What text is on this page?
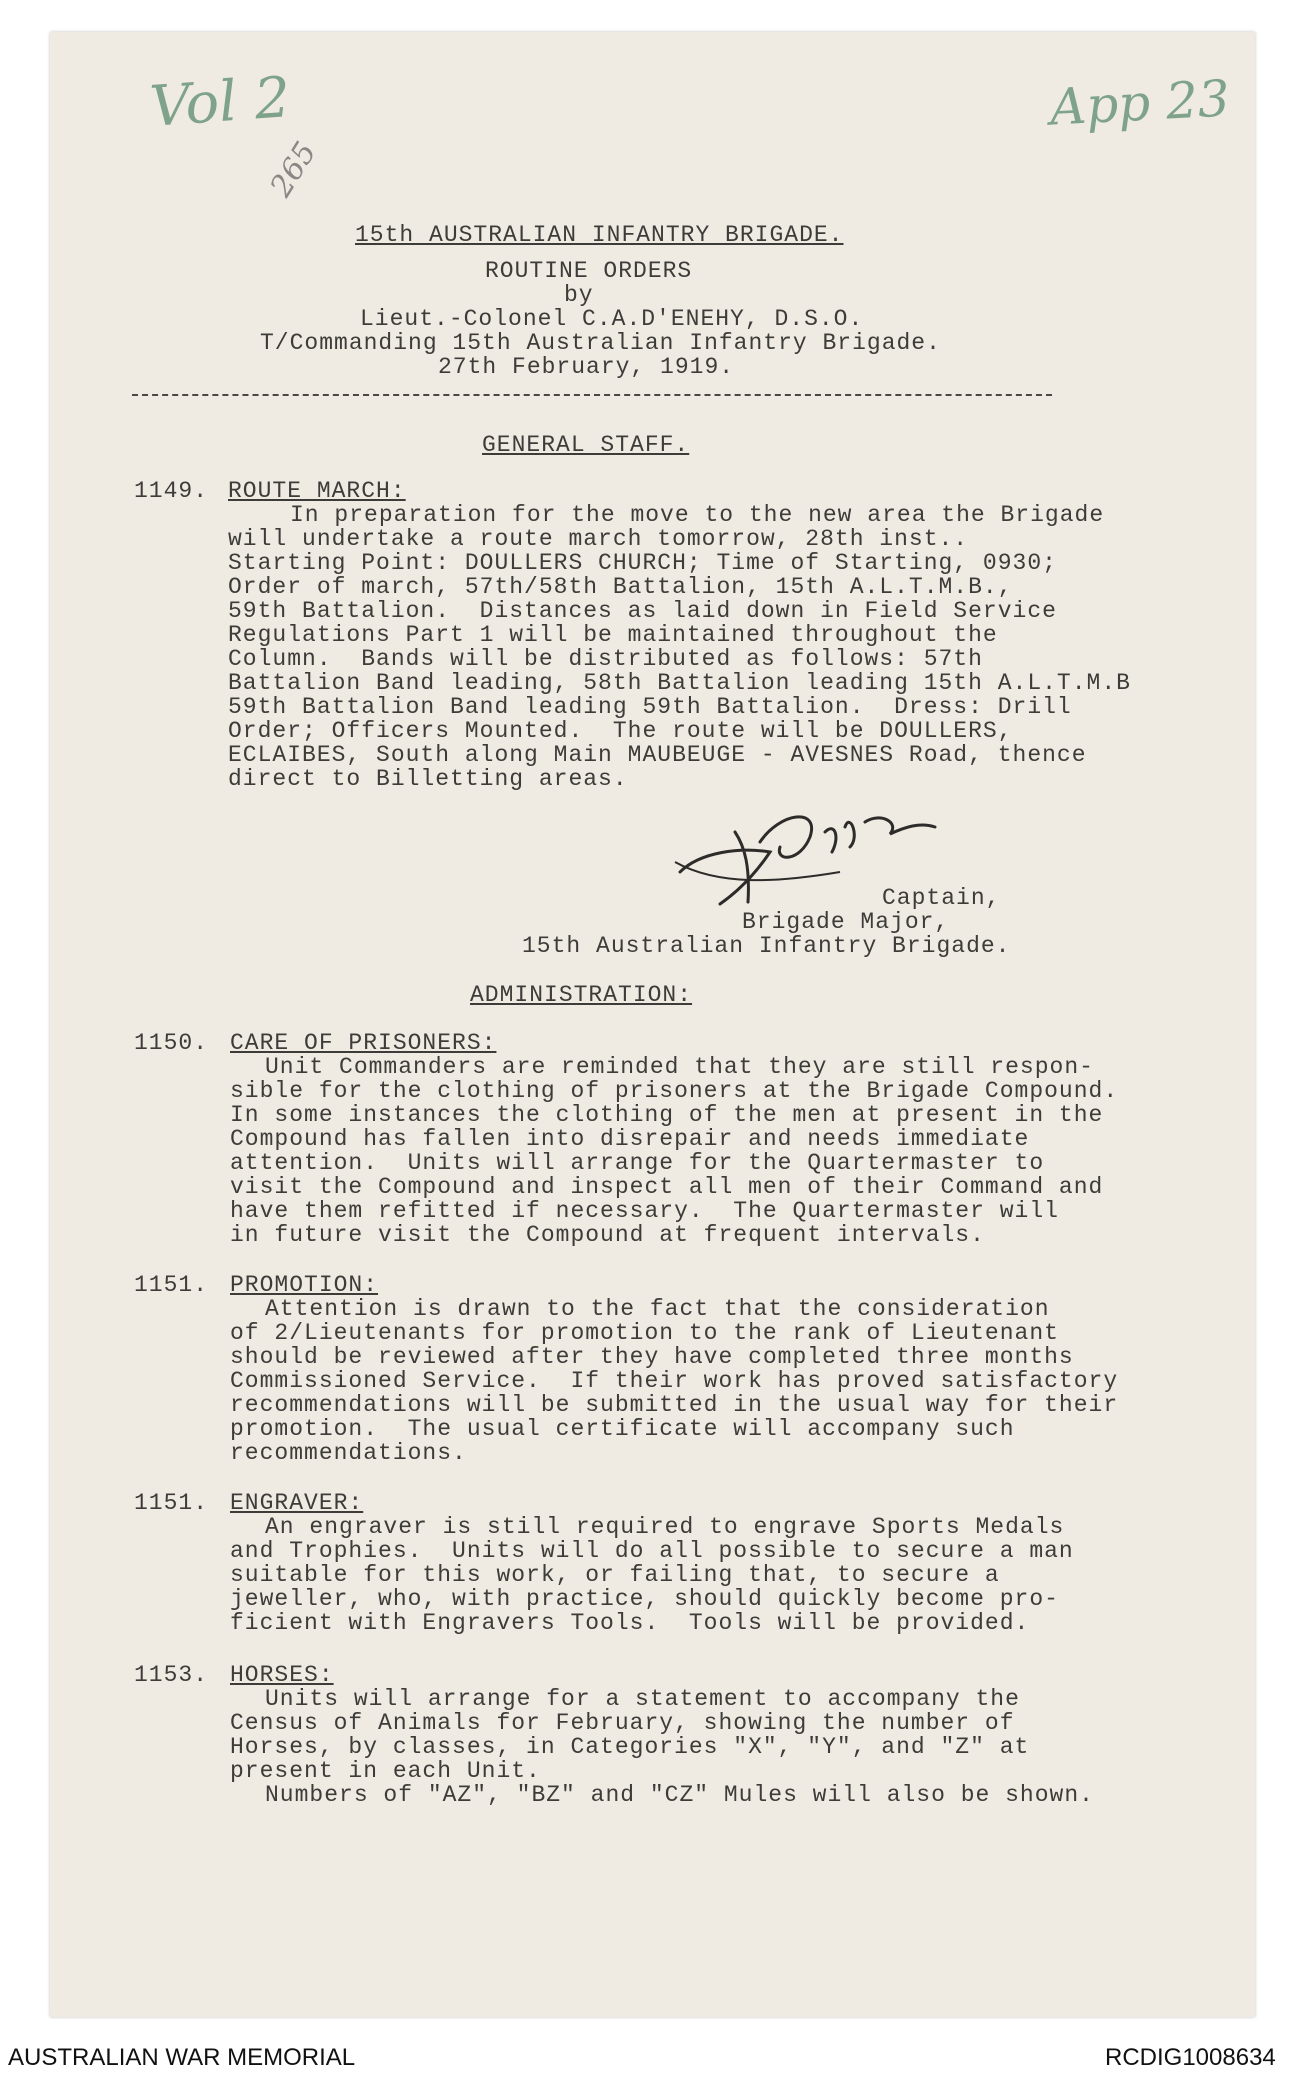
Vol 2	App 23
265
15th AUSTRALIAN INFANTRY BRIGADE.
ROUTINE ORDERS
by
Lieut.-Colonel C.A.D'ENEHY, D.S.O.
T/Commanding 15th Australian Infantry Brigade.
27th February, 1919.
GENERAL STAFF.
1149. ROUTE MARCH:
In preparation for the move to the new area the Brigade
will undertake a route march tomorrow, 28th inst..
Starting Point: DOULLERS CHURCH; Time of Starting, 0930;
Order of march, 57th/58th Battalion, 15th A.L.T.M.B.,
59th Battalion.  Distances as laid down in Field Service
Regulations Part 1 will be maintained throughout the
Column.  Bands will be distributed as follows: 57th
Battalion Band leading, 58th Battalion leading 15th A.L.T.M.B
59th Battalion Band leading 59th Battalion.  Dress: Drill
Order; Officers Mounted.  The route will be DOULLERS,
ECLAIBES, South along Main MAUBEUGE - AVESNES Road, thence
direct to Billetting areas.
Captain,
Brigade Major,
15th Australian Infantry Brigade.
ADMINISTRATION:
1150. CARE OF PRISONERS:
Unit Commanders are reminded that they are still respon-
sible for the clothing of prisoners at the Brigade Compound.
In some instances the clothing of the men at present in the
Compound has fallen into disrepair and needs immediate
attention.  Units will arrange for the Quartermaster to
visit the Compound and inspect all men of their Command and
have them refitted if necessary.  The Quartermaster will
in future visit the Compound at frequent intervals.
1151. PROMOTION:
Attention is drawn to the fact that the consideration
of 2/Lieutenants for promotion to the rank of Lieutenant
should be reviewed after they have completed three months
Commissioned Service.  If their work has proved satisfactory
recommendations will be submitted in the usual way for their
promotion.  The usual certificate will accompany such
recommendations.
1151. ENGRAVER:
An engraver is still required to engrave Sports Medals
and Trophies.  Units will do all possible to secure a man
suitable for this work, or failing that, to secure a
jeweller, who, with practice, should quickly become pro-
ficient with Engravers Tools.  Tools will be provided.
1153. HORSES:
Units will arrange for a statement to accompany the
Census of Animals for February, showing the number of
Horses, by classes, in Categories "X", "Y", and "Z" at
present in each Unit.
Numbers of "AZ", "BZ" and "CZ" Mules will also be shown.
AUSTRALIAN WAR MEMORIAL	RCDIG1008634
